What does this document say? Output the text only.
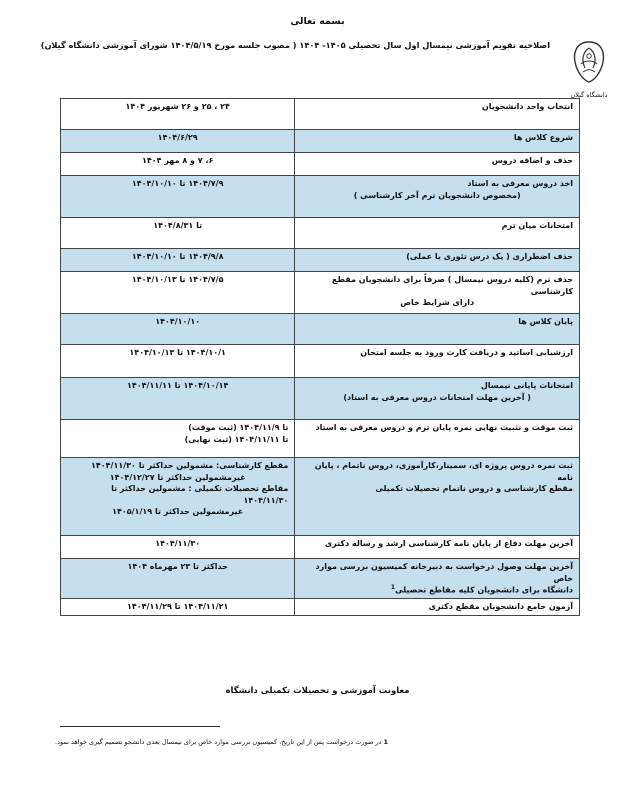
بسمه تعالی
اصلاحیه تقویم آموزشی نیمسال اول سال تحصیلی ۱۴۰۵- ۱۴۰۴ ( مصوب جلسه مورخ ۱۴۰۴/۵/۱۹ شورای آموزشی دانشگاه گیلان)
دانشگاه گیلان
انتخاب واحد دانشجویان	۲۴ ، ۲۵ و ۲۶ شهریور ۱۴۰۴

شروع کلاس ها	۱۴۰۴/۶/۲۹

حذف و اضافه دروس	۶، ۷ و ۸ مهر ۱۴۰۴

اخذ دروس معرفی به استاد
(مخصوص دانشجویان ترم آخر کارشناسی )	۱۴۰۴/۷/۹ تا ۱۴۰۴/۱۰/۱۰

امتحانات میان ترم	تا ۱۴۰۴/۸/۳۱

حذف اضطراری ( یک درس تئوری یا عملی)	۱۴۰۴/۹/۸ تا ۱۴۰۴/۱۰/۱۰

حذف ترم (کلیه دروس نیمسال ) صرفاً برای دانشجویان مقطع کارشناسی
دارای شرایط خاص	۱۴۰۴/۷/۵ تا ۱۴۰۴/۱۰/۱۳

پایان کلاس ها	۱۴۰۴/۱۰/۱۰

ارزشیابی اساتید و دریافت کارت ورود به جلسه امتحان	۱۴۰۴/۱۰/۱ تا ۱۴۰۴/۱۰/۱۳

امتحانات پایانی نیمسال
( آخرین مهلت امتحانات دروس معرفی به استاد)	۱۴۰۴/۱۰/۱۴ تا ۱۴۰۴/۱۱/۱۱

ثبت موقت و تثبیت نهایی نمره پایان ترم و دروس معرفی به استاد	تا ۱۴۰۴/۱۱/۹ (ثبت موقت)
تا ۱۴۰۴/۱۱/۱۱ (ثبت نهایی)

ثبت نمره دروس پروژه ای، سمینار،کارآموزی، دروس ناتمام ، پایان نامه
مقطع کارشناسی و دروس ناتمام تحصیلات تکمیلی	مقطع کارشناسی: مشمولین حداکثر تا ۱۴۰۴/۱۱/۳۰
غیرمشمولین حداکثر تا ۱۴۰۴/۱۲/۲۷
مقاطع تحصیلات تکمیلی : مشمولین حداکثر تا ۱۴۰۴/۱۱/۳۰
غیرمشمولین حداکثر تا ۱۴۰۵/۱/۱۹

آخرین مهلت دفاع از پایان نامه کارشناسی ارشد و رساله دکتری	۱۴۰۴/۱۱/۳۰

آخرین مهلت وصول درخواست به دبیرخانه کمیسیون بررسی موارد خاص
دانشگاه برای دانشجویان کلیه مقاطع تحصیلی$^1$	حداکثر تا ۲۳ مهرماه ۱۴۰۴

آزمون جامع دانشجویان مقطع دکتری	۱۴۰۴/۱۱/۲۱ تا ۱۴۰۴/۱۱/۲۹
معاونت آموزشی و تحصیلات تکمیلی دانشگاه
1 در صورت درخواست پس از این تاریخ، کمیسیون بررسی موارد خاص برای نیمسال بعدی دانشجو تصمیم گیری خواهد نمود.
